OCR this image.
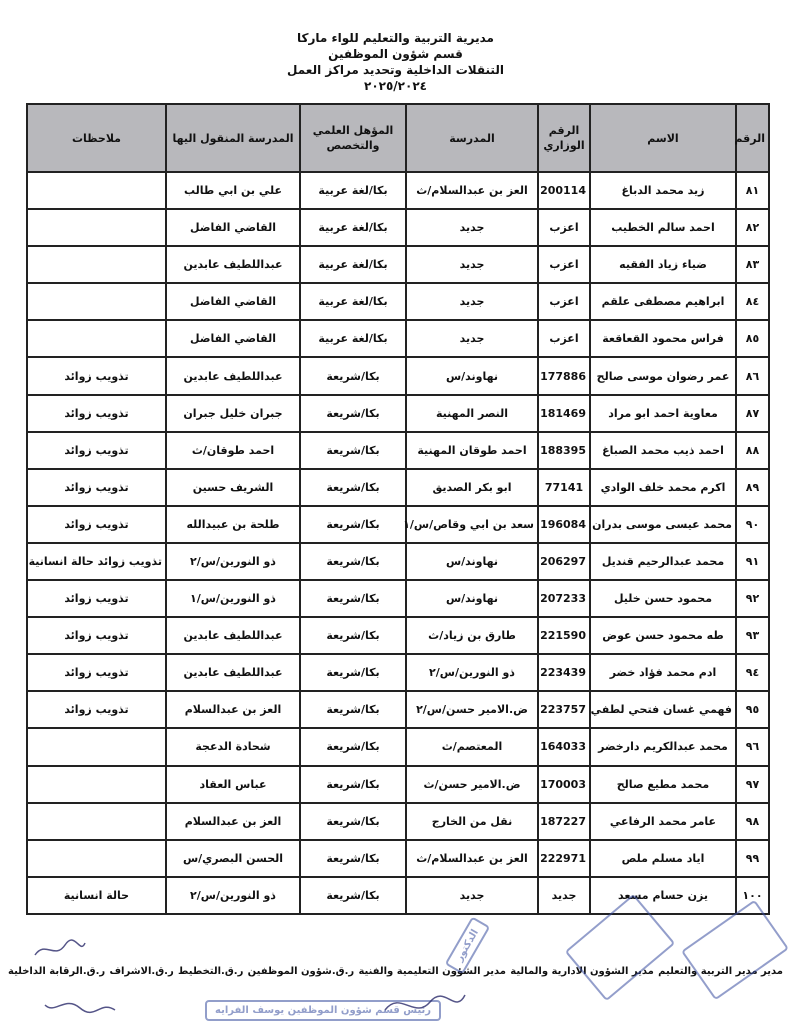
مديرية التربية والتعليم للواء ماركا
قسم شؤون الموظفين
التنقلات الداخلية وتحديد مراكز العمل
٢٠٢٥/٢٠٢٤
الرقم	الاسم	الرقم الوزاري	المدرسة	المؤهل العلمي والتخصص	المدرسة المنقول اليها	ملاحظات
٨١	زيد محمد الدباغ	200114	العز بن عبدالسلام/ث	بكا/لغة عربية	علي بن ابي طالب	
٨٢	احمد سالم الخطيب	اعزب	جديد	بكا/لغة عربية	القاضي الفاضل	
٨٣	ضياء زياد الفقيه	اعزب	جديد	بكا/لغة عربية	عبداللطيف عابدين	
٨٤	ابراهيم مصطفى علقم	اعزب	جديد	بكا/لغة عربية	القاضي الفاضل	
٨٥	فراس محمود القعاقعة	اعزب	جديد	بكا/لغة عربية	القاضي الفاضل	
٨٦	عمر رضوان موسى صالح	177886	نهاوند/س	بكا/شريعة	عبداللطيف عابدين	تذويب زوائد
٨٧	معاوية احمد ابو مراد	181469	النصر المهنية	بكا/شريعة	جبران خليل جبران	تذويب زوائد
٨٨	احمد ذيب محمد الصباغ	188395	احمد طوقان المهنية	بكا/شريعة	احمد طوقان/ث	تذويب زوائد
٨٩	اكرم محمد خلف الوادي	77141	ابو بكر الصديق	بكا/شريعة	الشريف حسين	تذويب زوائد
٩٠	محمد عيسى موسى بدران	196084	سعد بن ابي وقاص/س/١	بكا/شريعة	طلحة بن عبيدالله	تذويب زوائد
٩١	محمد عبدالرحيم قنديل	206297	نهاوند/س	بكا/شريعة	ذو النورين/س/٢	تذويب زوائد حالة انسانية
٩٢	محمود حسن خليل	207233	نهاوند/س	بكا/شريعة	ذو النورين/س/١	تذويب زوائد
٩٣	طه محمود حسن عوض	221590	طارق بن زياد/ث	بكا/شريعة	عبداللطيف عابدين	تذويب زوائد
٩٤	ادم محمد فؤاد خضر	223439	ذو النورين/س/٢	بكا/شريعة	عبداللطيف عابدين	تذويب زوائد
٩٥	فهمي غسان فتحي لطفي	223757	ض.الامير حسن/س/٢	بكا/شريعة	العز بن عبدالسلام	تذويب زوائد
٩٦	محمد عبدالكريم دارخضر	164033	المعتصم/ث	بكا/شريعة	شحادة الدعجة	
٩٧	محمد مطيع صالح	170003	ض.الامير حسن/ث	بكا/شريعة	عباس العقاد	
٩٨	عامر محمد الرفاعي	187227	نقل من الخارج	بكا/شريعة	العز بن عبدالسلام	
٩٩	اياد مسلم ملص	222971	العز بن عبدالسلام/ث	بكا/شريعة	الحسن البصري/س	
١٠٠	يزن حسام مسعد	جديد	جديد	بكا/شريعة	ذو النورين/س/٢	حالة انسانية
مدير مدير التربية والتعليم
مدير الشؤون الادارية والمالية
مدير الشؤون التعليمية والفنية
ر.ق.شؤون الموظفين
ر.ق.التخطيط
ر.ق.الاشراف
ر.ق.الرقابة الداخلية
رئيس قسم شؤون الموظفين يوسف الفرايه
الدكتور
